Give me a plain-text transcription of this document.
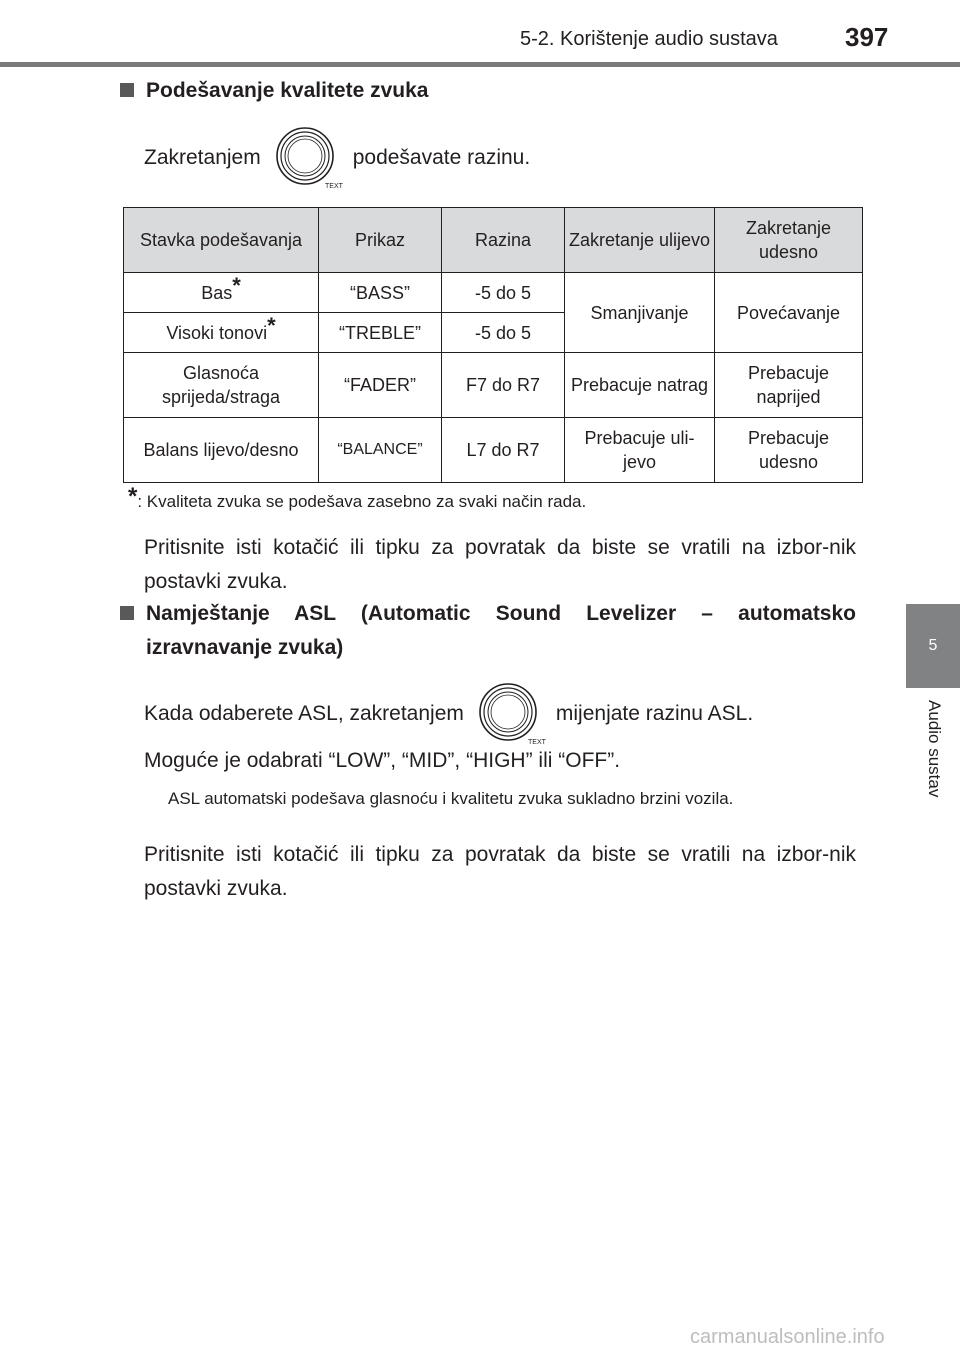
5-2. Korištenje audio sustava	397
5
Audio sustav
Podešavanje kvalitete zvuka
Zakretanjem
TEXT
podešavate razinu.
Stavka podešavanja	Prikaz	Razina	Zakretanje ulijevo	Zakretanje udesno
Bas*	“BASS”	-5 do 5	Smanjivanje	Povećavanje
Visoki tonovi*	“TREBLE”	-5 do 5		
Glasnoća sprijeda/straga	“FADER”	F7 do R7	Prebacuje natrag	Prebacuje naprijed
Balans lijevo/desno	“BALANCE”	L7 do R7	Prebacuje uli-jevo	Prebacuje udesno
*: Kvaliteta zvuka se podešava zasebno za svaki način rada.
Pritisnite isti kotačić ili tipku za povratak da biste se vratili na izbor-nik postavki zvuka.
Namještanje ASL (Automatic Sound Levelizer – automatsko izravnavanje zvuka)
Kada odaberete ASL, zakretanjem
TEXT
mijenjate razinu ASL.
Moguće je odabrati “LOW”, “MID”, “HIGH” ili “OFF”.
ASL automatski podešava glasnoću i kvalitetu zvuka sukladno brzini vozila.
Pritisnite isti kotačić ili tipku za povratak da biste se vratili na izbor-nik postavki zvuka.
carmanualsonline.info
